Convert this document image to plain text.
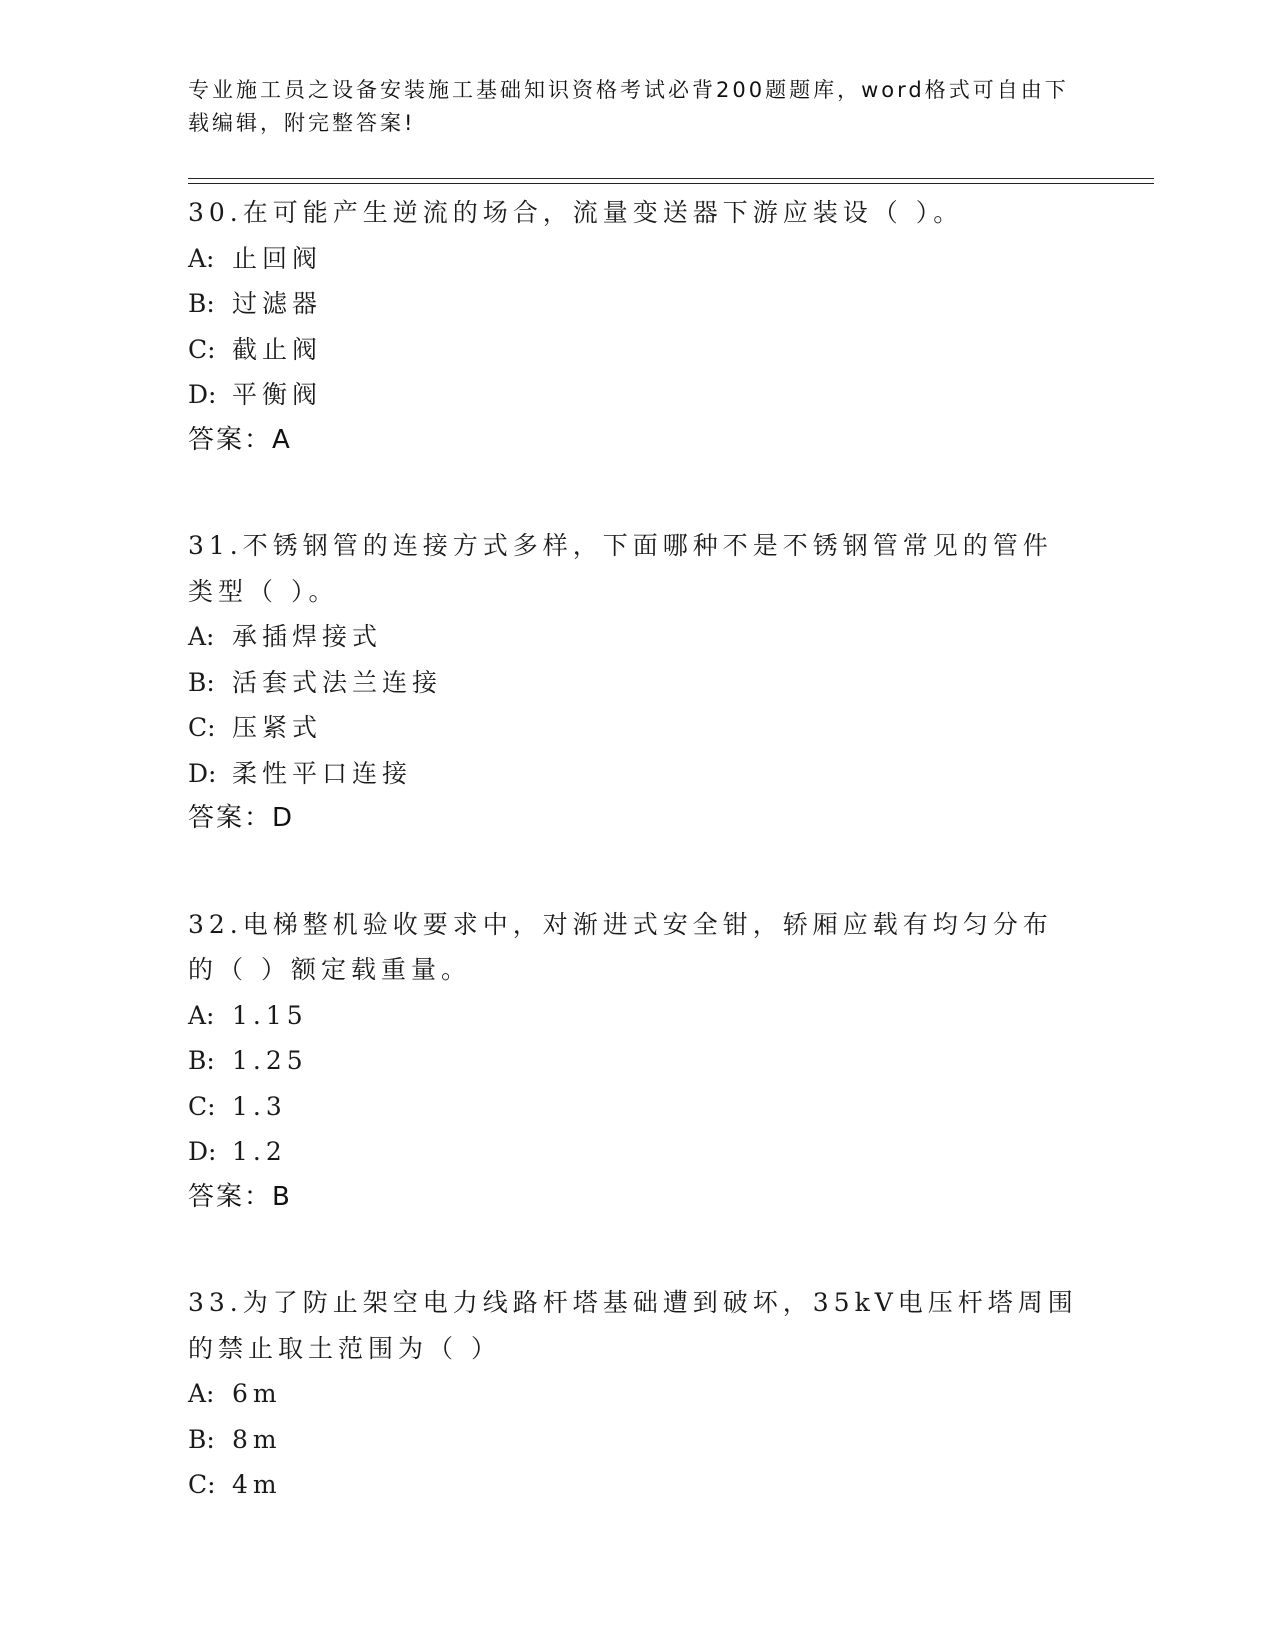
专业施工员之设备安装施工基础知识资格考试必背200题题库，word格式可自由下载编辑，附完整答案!

30.在可能产生逆流的场合，流量变送器下游应装设（ ）。

A: 止回阀

B: 过滤器

C: 截止阀

D: 平衡阀

答案：A

31.不锈钢管的连接方式多样，下面哪种不是不锈钢管常见的管件类型（ ）。

A: 承插焊接式

B: 活套式法兰连接

C: 压紧式

D: 柔性平口连接

答案：D

32.电梯整机验收要求中，对渐进式安全钳，轿厢应载有均匀分布的（ ）额定载重量。

A: 1.15

B: 1.25

C: 1.3

D: 1.2

答案：B

33.为了防止架空电力线路杆塔基础遭到破坏，35kV电压杆塔周围的禁止取土范围为（ ）

A: 6m

B: 8m

C: 4m
